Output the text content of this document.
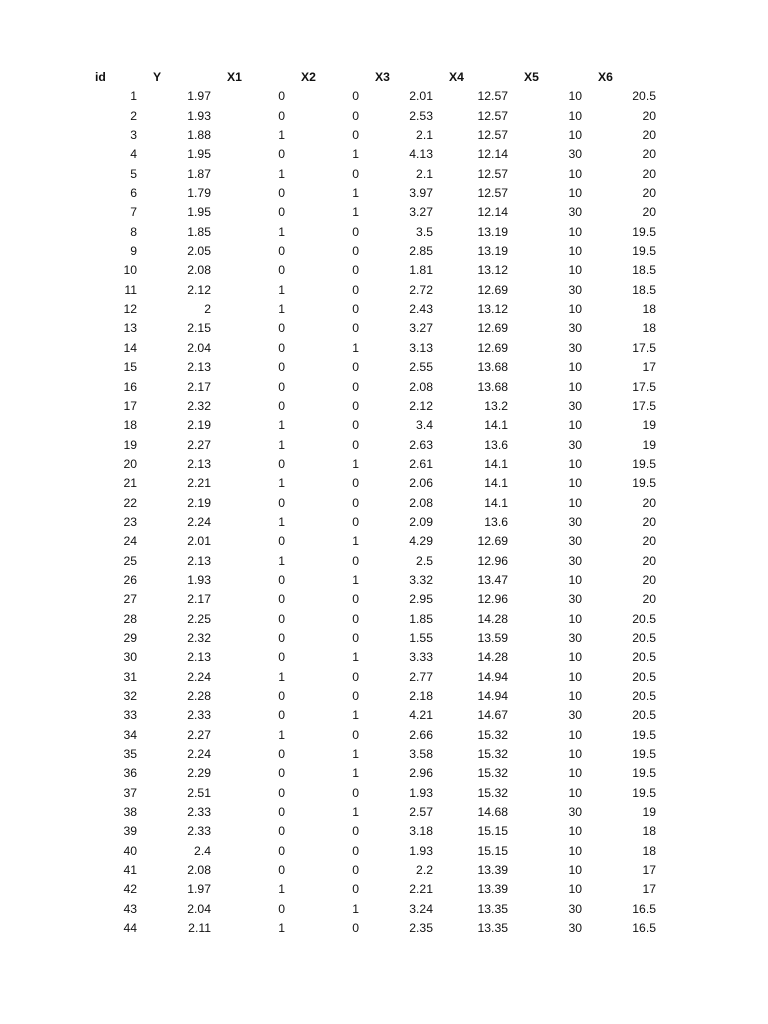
id	Y	X1	X2	X3	X4	X5	X6
1	1.97	0	0	2.01	12.57	10	20.5
2	1.93	0	0	2.53	12.57	10	20
3	1.88	1	0	2.1	12.57	10	20
4	1.95	0	1	4.13	12.14	30	20
5	1.87	1	0	2.1	12.57	10	20
6	1.79	0	1	3.97	12.57	10	20
7	1.95	0	1	3.27	12.14	30	20
8	1.85	1	0	3.5	13.19	10	19.5
9	2.05	0	0	2.85	13.19	10	19.5
10	2.08	0	0	1.81	13.12	10	18.5
11	2.12	1	0	2.72	12.69	30	18.5
12	2	1	0	2.43	13.12	10	18
13	2.15	0	0	3.27	12.69	30	18
14	2.04	0	1	3.13	12.69	30	17.5
15	2.13	0	0	2.55	13.68	10	17
16	2.17	0	0	2.08	13.68	10	17.5
17	2.32	0	0	2.12	13.2	30	17.5
18	2.19	1	0	3.4	14.1	10	19
19	2.27	1	0	2.63	13.6	30	19
20	2.13	0	1	2.61	14.1	10	19.5
21	2.21	1	0	2.06	14.1	10	19.5
22	2.19	0	0	2.08	14.1	10	20
23	2.24	1	0	2.09	13.6	30	20
24	2.01	0	1	4.29	12.69	30	20
25	2.13	1	0	2.5	12.96	30	20
26	1.93	0	1	3.32	13.47	10	20
27	2.17	0	0	2.95	12.96	30	20
28	2.25	0	0	1.85	14.28	10	20.5
29	2.32	0	0	1.55	13.59	30	20.5
30	2.13	0	1	3.33	14.28	10	20.5
31	2.24	1	0	2.77	14.94	10	20.5
32	2.28	0	0	2.18	14.94	10	20.5
33	2.33	0	1	4.21	14.67	30	20.5
34	2.27	1	0	2.66	15.32	10	19.5
35	2.24	0	1	3.58	15.32	10	19.5
36	2.29	0	1	2.96	15.32	10	19.5
37	2.51	0	0	1.93	15.32	10	19.5
38	2.33	0	1	2.57	14.68	30	19
39	2.33	0	0	3.18	15.15	10	18
40	2.4	0	0	1.93	15.15	10	18
41	2.08	0	0	2.2	13.39	10	17
42	1.97	1	0	2.21	13.39	10	17
43	2.04	0	1	3.24	13.35	30	16.5
44	2.11	1	0	2.35	13.35	30	16.5
